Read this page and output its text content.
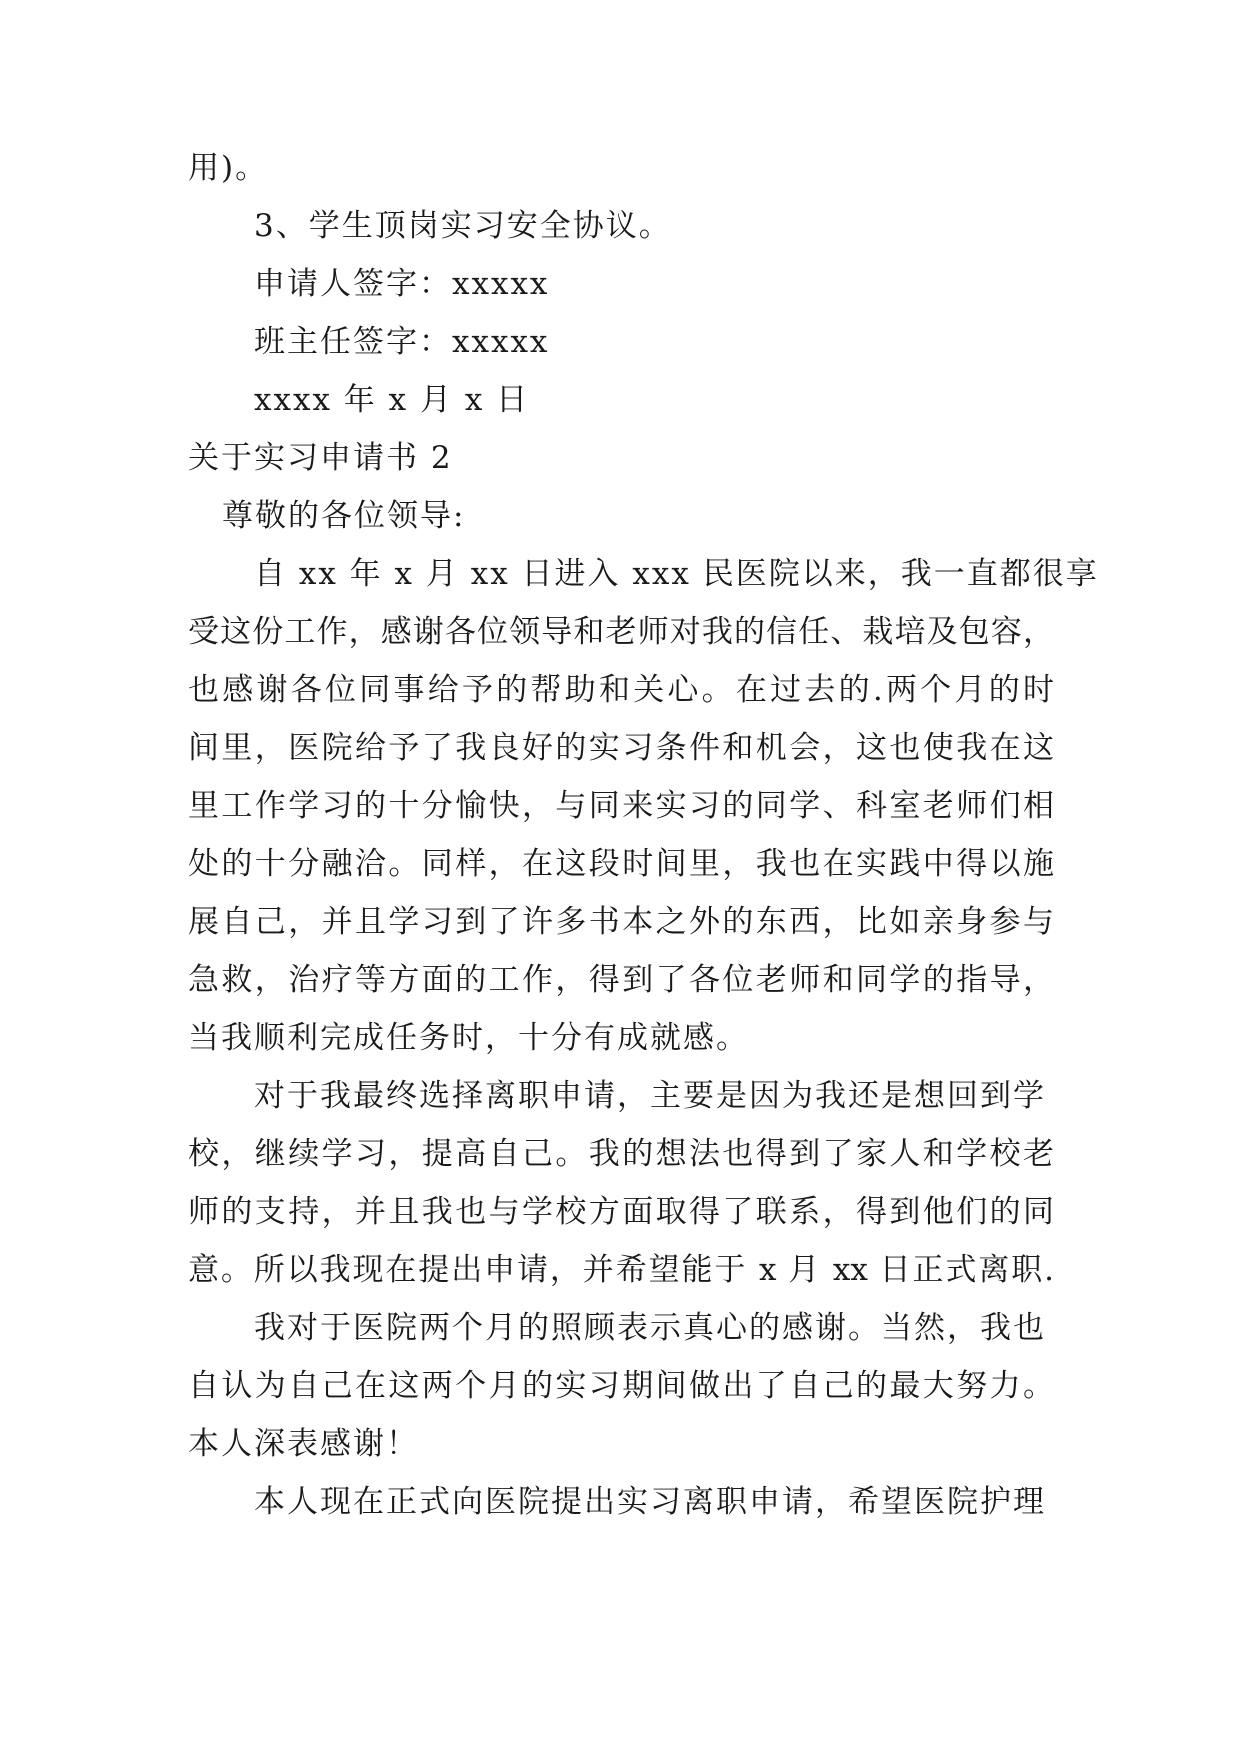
用)。

3、学生顶岗实习安全协议。

申请人签字：xxxxx

班主任签字：xxxxx

xxxx 年 x 月 x 日

关于实习申请书 2

尊敬的各位领导:

自 xx 年 x 月 xx 日进入 xxx 民医院以来，我一直都很享

受这份工作，感谢各位领导和老师对我的信任、栽培及包容，

也感谢各位同事给予的帮助和关心。在过去的.两个月的时

间里，医院给予了我良好的实习条件和机会，这也使我在这

里工作学习的十分愉快，与同来实习的同学、科室老师们相

处的十分融洽。同样，在这段时间里，我也在实践中得以施

展自己，并且学习到了许多书本之外的东西，比如亲身参与

急救，治疗等方面的工作，得到了各位老师和同学的指导，

当我顺利完成任务时，十分有成就感。

对于我最终选择离职申请，主要是因为我还是想回到学

校，继续学习，提高自己。我的想法也得到了家人和学校老

师的支持，并且我也与学校方面取得了联系，得到他们的同

意。所以我现在提出申请，并希望能于 x 月 xx 日正式离职.

我对于医院两个月的照顾表示真心的感谢。当然，我也

自认为自己在这两个月的实习期间做出了自己的最大努力。

本人深表感谢！

本人现在正式向医院提出实习离职申请，希望医院护理
